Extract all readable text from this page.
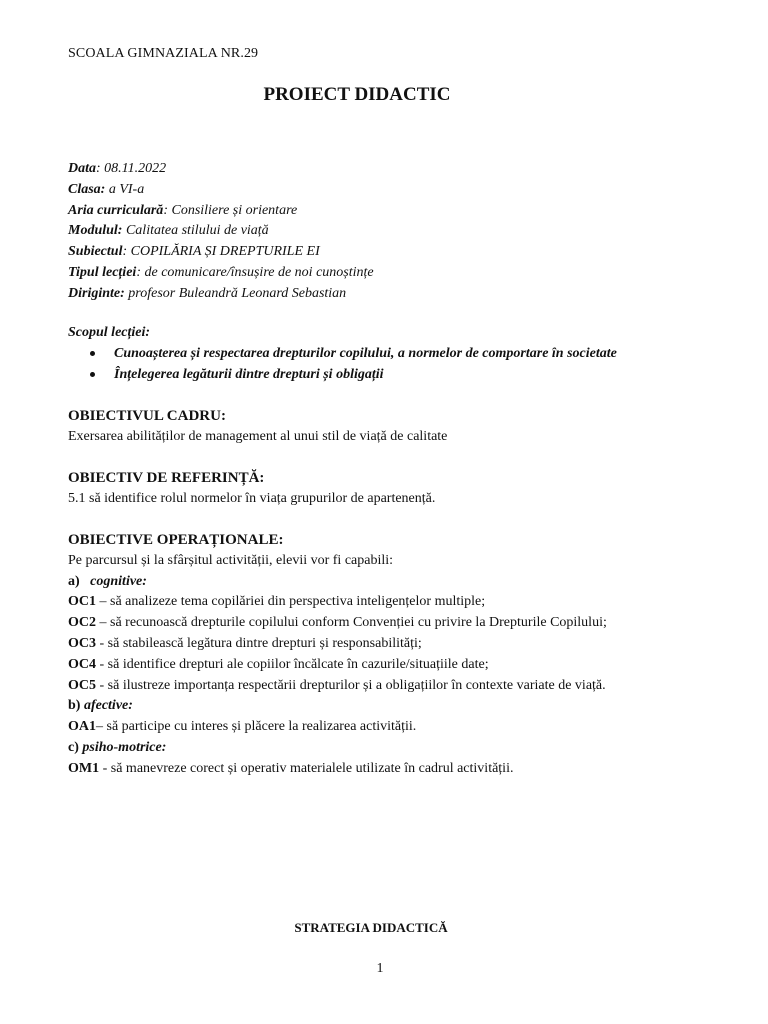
SCOALA GIMNAZIALA NR.29
PROIECT DIDACTIC
Data: 08.11.2022
Clasa: a VI-a
Aria curriculară: Consiliere și orientare
Modulul: Calitatea stilului de viață
Subiectul: COPILĂRIA ȘI DREPTURILE EI
Tipul lecției: de comunicare/însușire de noi cunoștințe
Diriginte: profesor Buleandră Leonard Sebastian
Scopul lecției:
Cunoașterea și respectarea drepturilor copilului, a normelor de comportare în societate
Înțelegerea legăturii dintre drepturi și obligații
OBIECTIVUL CADRU:
Exersarea abilităților de management al unui stil de viață de calitate
OBIECTIV DE REFERINȚĂ:
5.1 să identifice rolul normelor în viața grupurilor de apartenență.
OBIECTIVE OPERAȚIONALE:
Pe parcursul și la sfârșitul activității, elevii vor fi capabili:
a) cognitive:
OC1 – să analizeze tema copilăriei din perspectiva inteligențelor multiple;
OC2 – să recunoască drepturile copilului conform Convenției cu privire la Drepturile Copilului;
OC3 - să stabilească legătura dintre drepturi și responsabilități;
OC4 - să identifice drepturi ale copiilor încălcate în cazurile/situațiile date;
OC5 - să ilustreze importanța respectării drepturilor și a obligațiilor în contexte variate de viață.
b) afective:
OA1– să participe cu interes și plăcere la realizarea activității.
c) psiho-motrice:
OM1 - să manevreze corect și operativ materialele utilizate în cadrul activității.
STRATEGIA DIDACTICĂ
1
